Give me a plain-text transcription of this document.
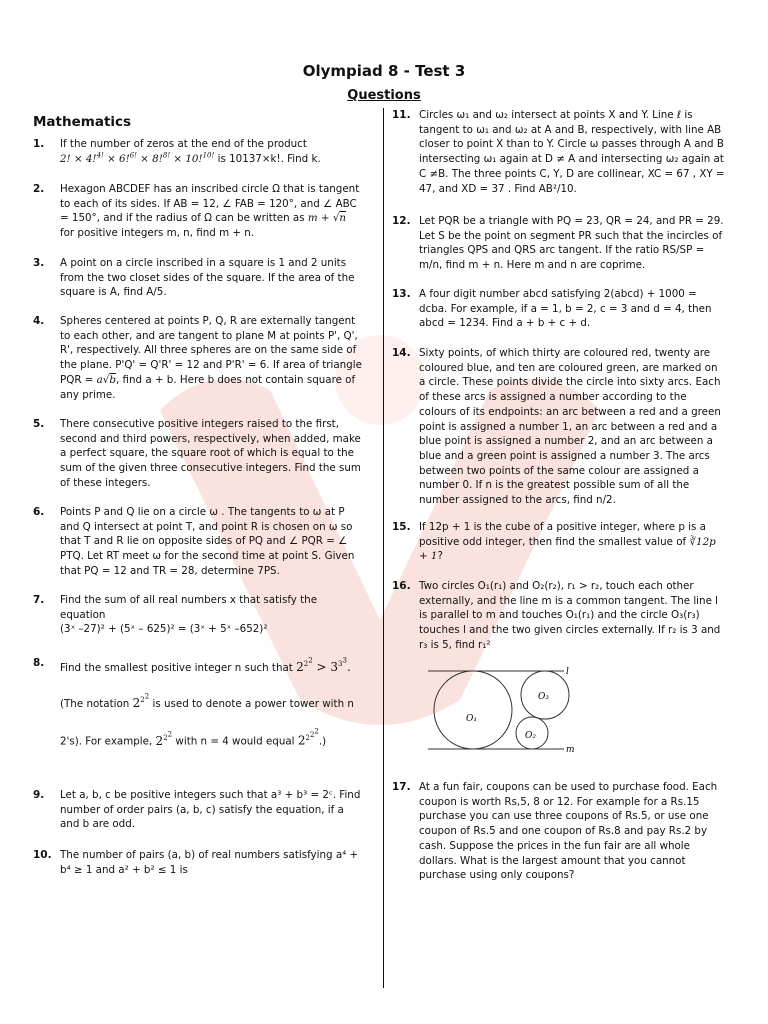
Olympiad 8 - Test 3
Questions
Mathematics
1. If the number of zeros at the end of the product
2! × 4!$^{4!}$ × 6!$^{6!}$ × 8!$^{8!}$ × 10!$^{10!}$ is 10137×k!. Find k.
2. Hexagon ABCDEF has an inscribed circle Ω that is tangent to each of its sides. If AB = 12, ∠ FAB = 120°, and ∠ ABC = 150°, and if the radius of Ω can be written as m + √n for positive integers m, n, find m + n.
3. A point on a circle inscribed in a square is 1 and 2 units from the two closet sides of the square. If the area of the square is A, find A/5.
4. Spheres centered at points P, Q, R are externally tangent to each other, and are tangent to plane M at points P', Q', R', respectively. All three spheres are on the same side of the plane. P'Q' = Q'R' = 12 and P'R' = 6. If area of triangle PQR = a√b, find a + b. Here b does not contain square of any prime.
5. There consecutive positive integers raised to the first, second and third powers, respectively, when added, make a perfect square, the square root of which is equal to the sum of the given three consecutive integers. Find the sum of these integers.
6. Points P and Q lie on a circle ω . The tangents to ω at P and Q intersect at point T, and point R is chosen on ω so that T and R lie on opposite sides of PQ and ∠ PQR = ∠ PTQ. Let RT meet ω for the second time at point S. Given that PQ = 12 and TR = 28, determine 7PS.
7. Find the sum of all real numbers x that satisfy the equation
(3ˣ –27)² + (5ˣ – 625)² = (3ˣ + 5ˣ –652)²
8. Find the smallest positive integer n such that $2^{2^2} > 3^{3^3}$.
(The notation $2^{2^2}$ is used to denote a power tower with n
2's). For example, $2^{2^2}$ with n = 4 would equal $2^{2^{2^2}}$.)
9. Let a, b, c be positive integers such that a³ + b³ = 2ᶜ. Find number of order pairs (a, b, c) satisfy the equation, if a and b are odd.
10. The number of pairs (a, b) of real numbers satisfying a⁴ + b⁴ ≥ 1 and a² + b² ≤ 1 is
11. Circles ω₁ and ω₂ intersect at points X and Y. Line ℓ is tangent to ω₁ and ω₂ at A and B, respectively, with line AB closer to point X than to Y. Circle ω passes through A and B intersecting ω₁ again at D ≠ A and intersecting ω₂ again at C ≠B. The three points C, Y, D are collinear, XC = 67 , XY = 47, and XD = 37 . Find AB²/10.
12. Let PQR be a triangle with PQ = 23, QR = 24, and PR = 29. Let S be the point on segment PR such that the incircles of triangles QPS and QRS arc tangent. If the ratio RS/SP = m/n, find m + n. Here m and n are coprime.
13. A four digit number abcd satisfying 2(abcd) + 1000 = dcba. For example, if a = 1, b = 2, c = 3 and d = 4, then abcd = 1234. Find a + b + c + d.
14. Sixty points, of which thirty are coloured red, twenty are coloured blue, and ten are coloured green, are marked on a circle. These points divide the circle into sixty arcs. Each of these arcs is assigned a number according to the colours of its endpoints: an arc between a red and a green point is assigned a number 1, an arc between a red and a blue point is assigned a number 2, and an arc between a blue and a green point is assigned a number 3. The arcs between two points of the same colour are assigned a number 0. If n is the greatest possible sum of all the number assigned to the arcs, find n/2.
15. If 12p + 1 is the cube of a positive integer, where p is a positive odd integer, then find the smallest value of ∛12p + 1?
16. Two circles O₁(r₁) and O₂(r₂), r₁ > r₂, touch each other externally, and the line m is a common tangent. The line l is parallel to m and touches O₁(r₁) and the circle O₃(r₃) touches l and the two given circles externally. If r₂ is 3 and r₃ is 5, find r₁²
l
m
O₁
O₃
O₂
17. At a fun fair, coupons can be used to purchase food. Each coupon is worth Rs,5, 8 or 12. For example for a Rs.15 purchase you can use three coupons of Rs.5, or use one coupon of Rs.5 and one coupon of Rs.8 and pay Rs.2 by cash. Suppose the prices in the fun fair are all whole dollars. What is the largest amount that you cannot purchase using only coupons?
